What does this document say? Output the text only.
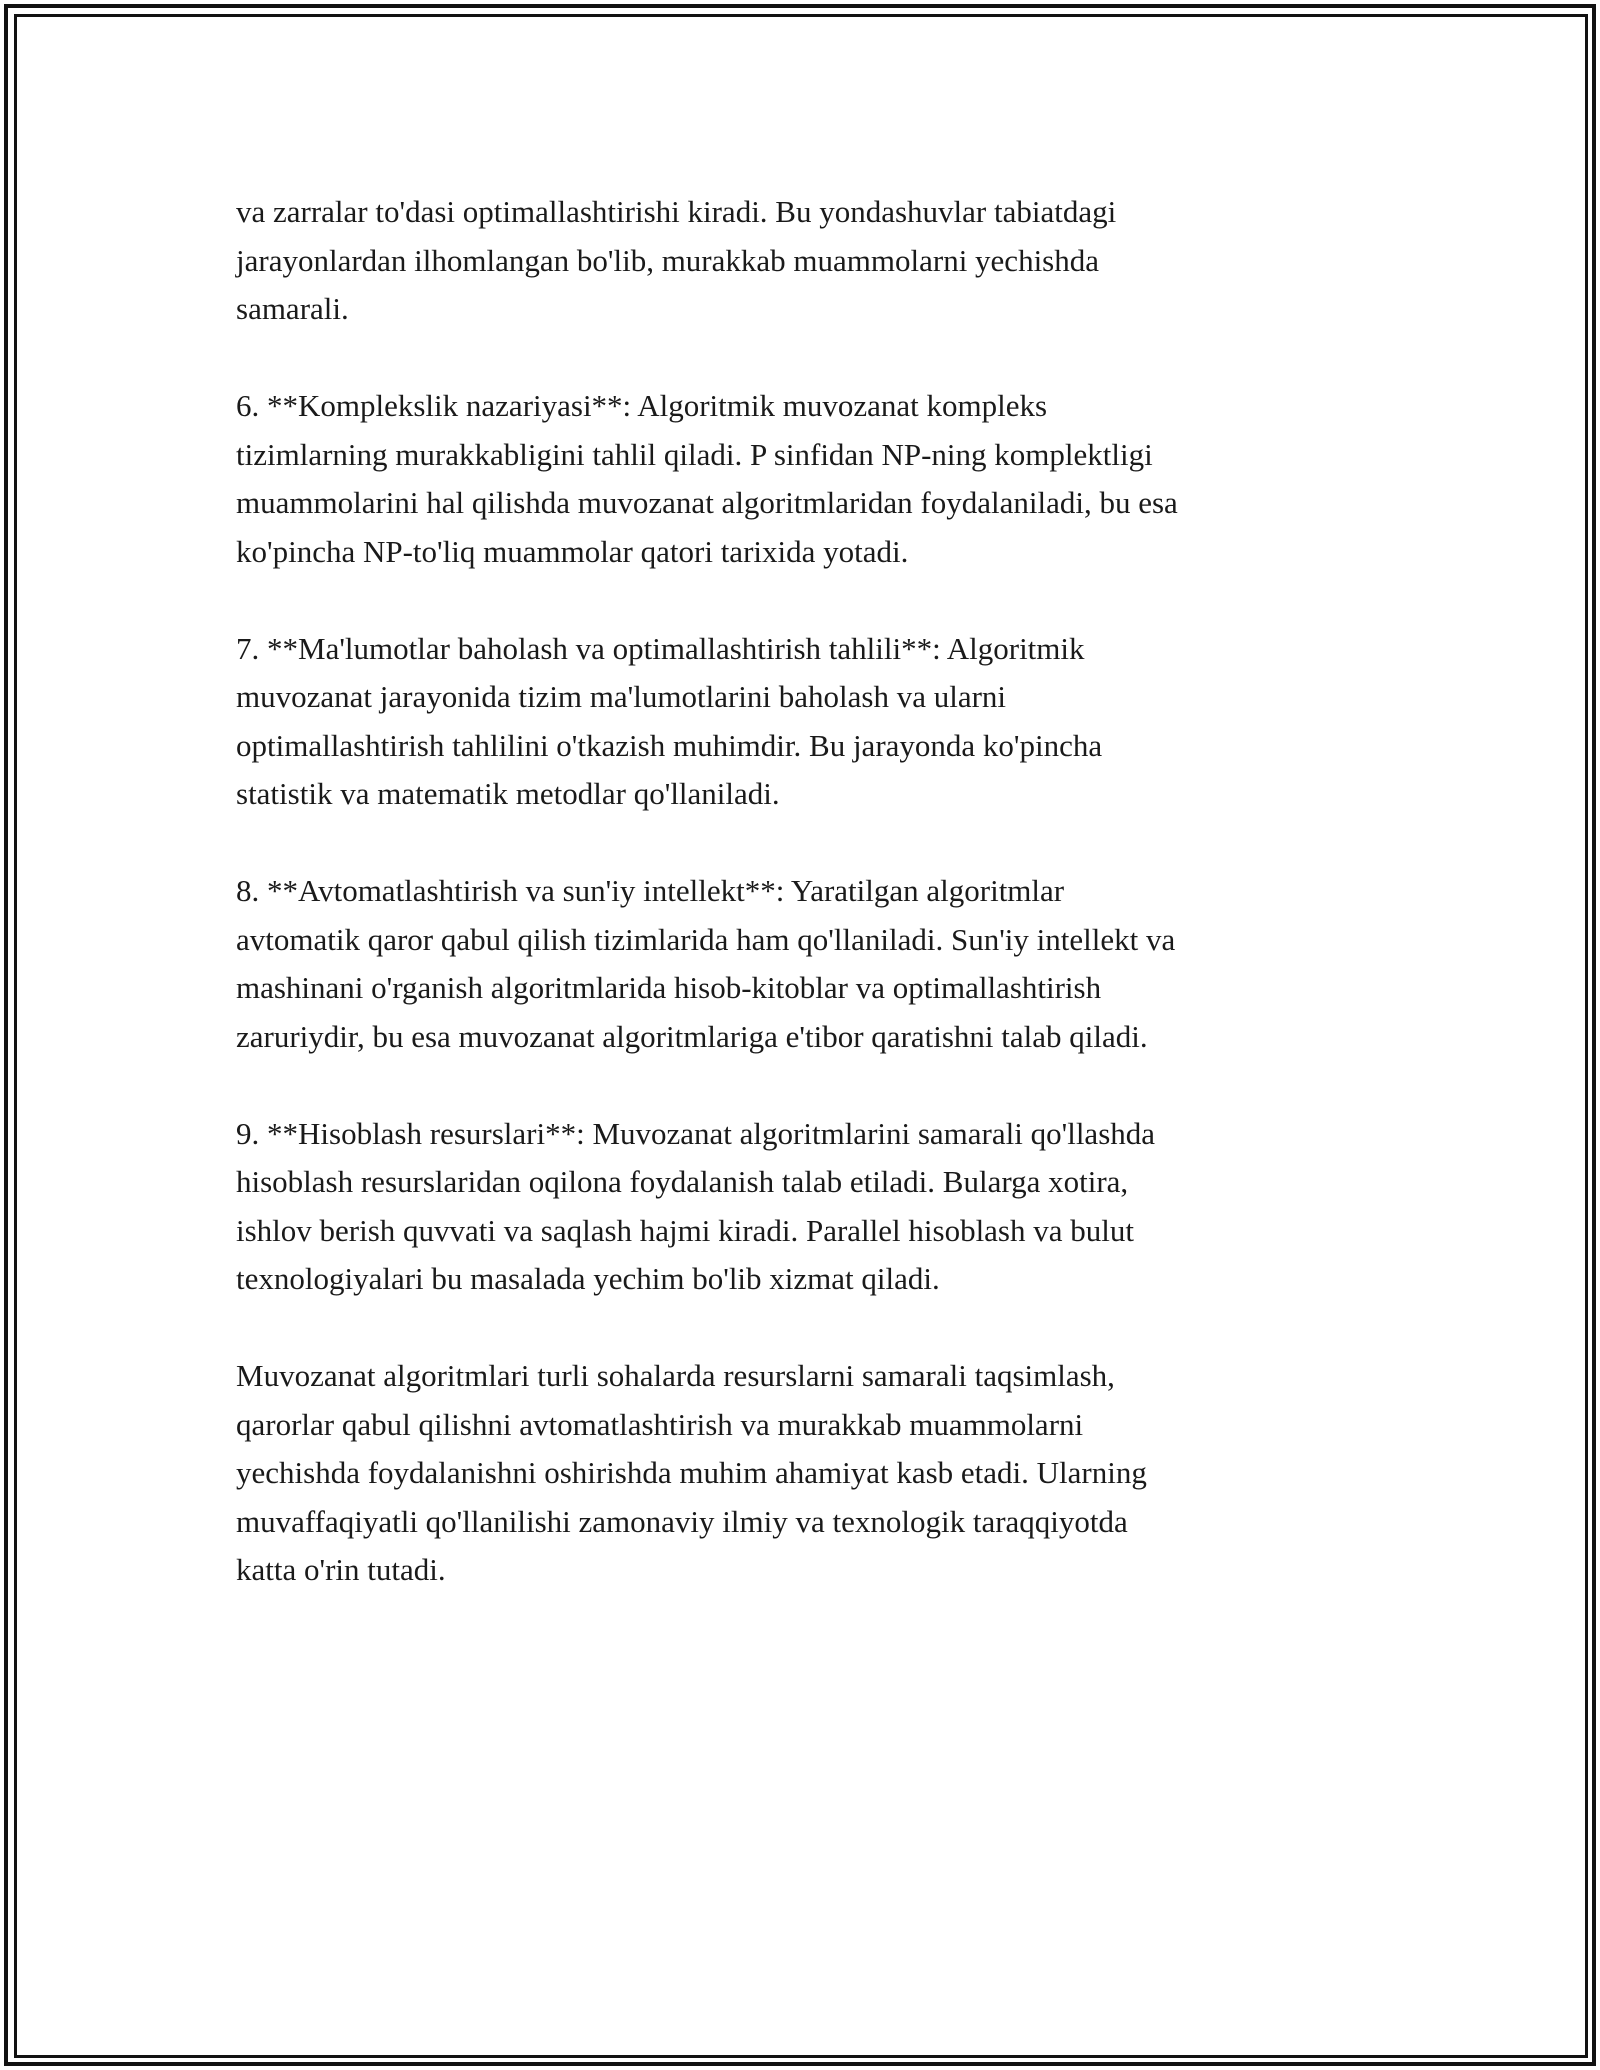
va zarralar to'dasi optimallashtirishi kiradi. Bu yondashuvlar tabiatdagi
jarayonlardan ilhomlangan bo'lib, murakkab muammolarni yechishda
samarali.

6. **Komplekslik nazariyasi**: Algoritmik muvozanat kompleks
tizimlarning murakkabligini tahlil qiladi. P sinfidan NP-ning komplektligi
muammolarini hal qilishda muvozanat algoritmlaridan foydalaniladi, bu esa
ko'pincha NP-to'liq muammolar qatori tarixida yotadi.

7. **Ma'lumotlar baholash va optimallashtirish tahlili**: Algoritmik
muvozanat jarayonida tizim ma'lumotlarini baholash va ularni
optimallashtirish tahlilini o'tkazish muhimdir. Bu jarayonda ko'pincha
statistik va matematik metodlar qo'llaniladi.

8. **Avtomatlashtirish va sun'iy intellekt**: Yaratilgan algoritmlar
avtomatik qaror qabul qilish tizimlarida ham qo'llaniladi. Sun'iy intellekt va
mashinani o'rganish algoritmlarida hisob-kitoblar va optimallashtirish
zaruriydir, bu esa muvozanat algoritmlariga e'tibor qaratishni talab qiladi.

9. **Hisoblash resurslari**: Muvozanat algoritmlarini samarali qo'llashda
hisoblash resurslaridan oqilona foydalanish talab etiladi. Bularga xotira,
ishlov berish quvvati va saqlash hajmi kiradi. Parallel hisoblash va bulut
texnologiyalari bu masalada yechim bo'lib xizmat qiladi.

Muvozanat algoritmlari turli sohalarda resurslarni samarali taqsimlash,
qarorlar qabul qilishni avtomatlashtirish va murakkab muammolarni
yechishda foydalanishni oshirishda muhim ahamiyat kasb etadi. Ularning
muvaffaqiyatli qo'llanilishi zamonaviy ilmiy va texnologik taraqqiyotda
katta o'rin tutadi.
